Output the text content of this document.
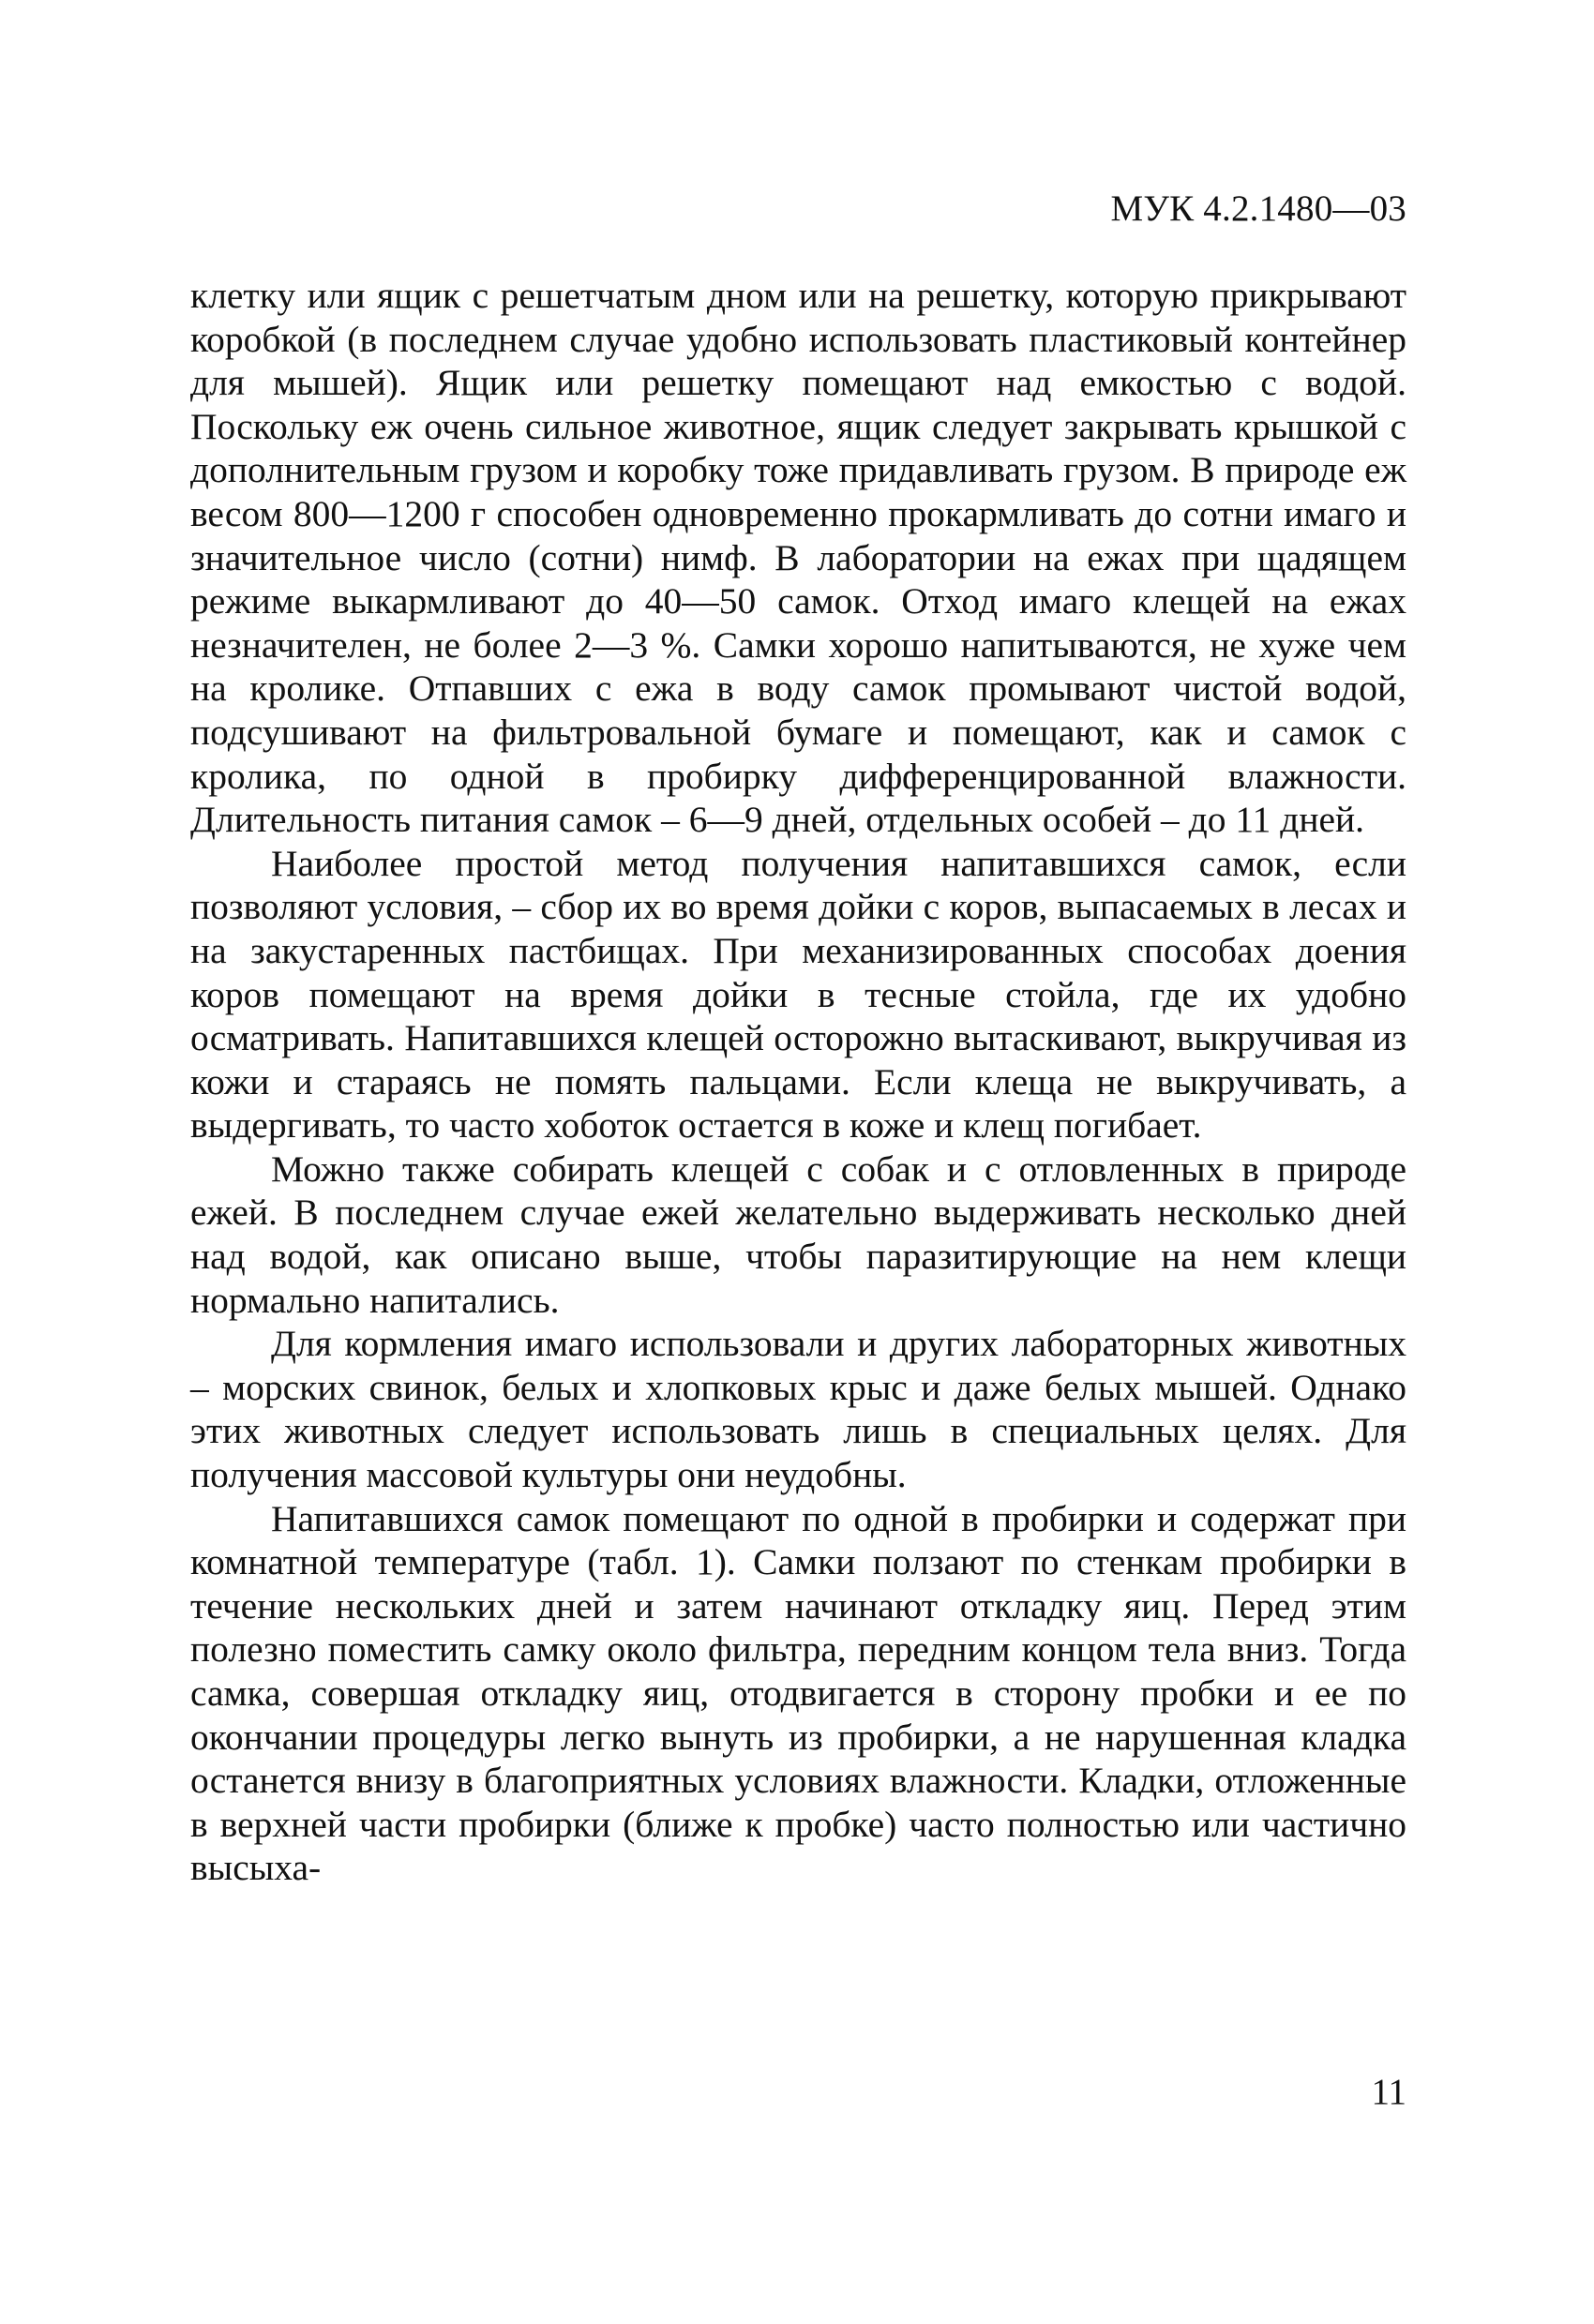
МУК 4.2.1480—03

клетку или ящик с решетчатым дном или на решетку, которую прикрывают коробкой (в последнем случае удобно использовать пластиковый контейнер для мышей). Ящик или решетку помещают над емкостью с водой. Поскольку еж очень сильное животное, ящик следует закрывать крышкой с дополнительным грузом и коробку тоже придавливать грузом. В природе еж весом 800—1200 г способен одновременно прокармливать до сотни имаго и значительное число (сотни) нимф. В лаборатории на ежах при щадящем режиме выкармливают до 40—50 самок. Отход имаго клещей на ежах незначителен, не более 2—3 %. Самки хорошо напитываются, не хуже чем на кролике. Отпавших с ежа в воду самок промывают чистой водой, подсушивают на фильтровальной бумаге и помещают, как и самок с кролика, по одной в пробирку дифференцированной влажности. Длительность питания самок – 6—9 дней, отдельных особей – до 11 дней.

Наиболее простой метод получения напитавшихся самок, если позволяют условия, – сбор их во время дойки с коров, выпасаемых в лесах и на закустаренных пастбищах. При механизированных способах доения коров помещают на время дойки в тесные стойла, где их удобно осматривать. Напитавшихся клещей осторожно вытаскивают, выкручивая из кожи и стараясь не помять пальцами. Если клеща не выкручивать, а выдергивать, то часто хоботок остается в коже и клещ погибает.

Можно также собирать клещей с собак и с отловленных в природе ежей. В последнем случае ежей желательно выдерживать несколько дней над водой, как описано выше, чтобы паразитирующие на нем клещи нормально напитались.

Для кормления имаго использовали и других лабораторных животных – морских свинок, белых и хлопковых крыс и даже белых мышей. Однако этих животных следует использовать лишь в специальных целях. Для получения массовой культуры они неудобны.

Напитавшихся самок помещают по одной в пробирки и содержат при комнатной температуре (табл. 1). Самки ползают по стенкам пробирки в течение нескольких дней и затем начинают откладку яиц. Перед этим полезно поместить самку около фильтра, передним концом тела вниз. Тогда самка, совершая откладку яиц, отодвигается в сторону пробки и ее по окончании процедуры легко вынуть из пробирки, а не нарушенная кладка останется внизу в благоприятных условиях влажности. Кладки, отложенные в верхней части пробирки (ближе к пробке) часто полностью или частично высыха-

11
